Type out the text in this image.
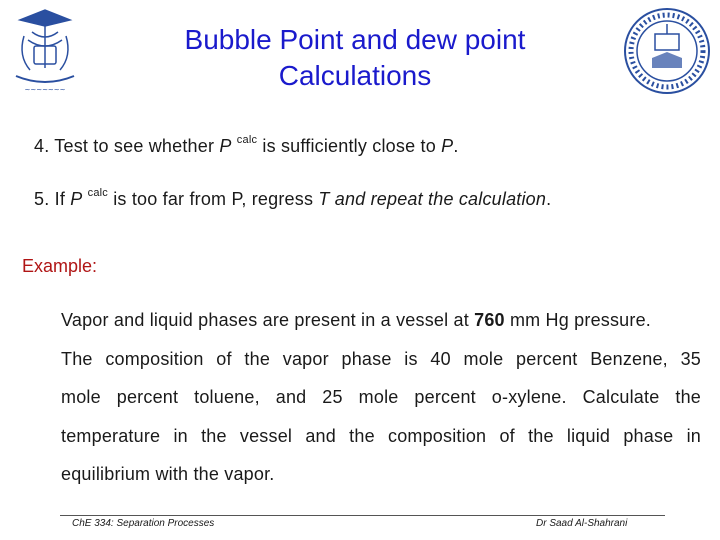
~~~~~~~
Bubble Point and dew point
Calculations
4. Test to see whether P $^{calc}$ is sufficiently close to P.
5. If P $^{calc}$ is too far from P, regress T and repeat the calculation.
Example:
Vapor and liquid phases are present in a vessel at 760 mm Hg pressure.
The composition of the vapor phase is 40 mole percent Benzene, 35
mole percent toluene, and 25 mole percent o-xylene. Calculate the
temperature in the vessel and the composition of the liquid phase in
equilibrium with the vapor.
ChE 334: Separation Processes	Dr Saad Al-Shahrani
